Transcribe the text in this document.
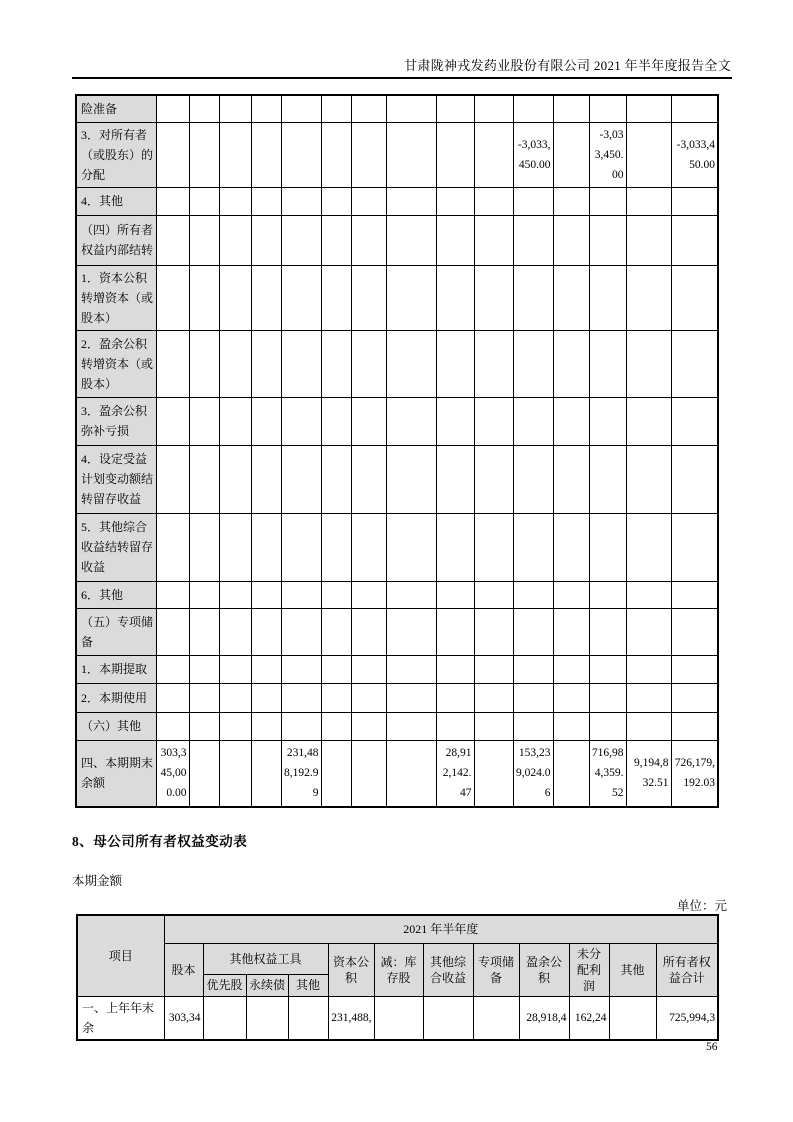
甘肃陇神戎发药业股份有限公司 2021 年半年度报告全文
险准备															
3．对所有者（或股东）的分配											-3,033,450.00		-3,033,450.00		-3,033,450.00
4．其他															
（四）所有者权益内部结转															
1．资本公积转增资本（或股本）															
2．盈余公积转增资本（或股本）															
3．盈余公积弥补亏损															
4．设定受益计划变动额结转留存收益															
5．其他综合收益结转留存收益															
6．其他															
（五）专项储备															
1．本期提取															
2．本期使用															
（六）其他															
四、本期期末余额	303,345,000.00				231,488,192.99				28,912,142.47		153,239,024.06		716,984,359.52	9,194,832.51	726,179,192.03
8、母公司所有者权益变动表
本期金额
单位：元
项目	2021 年半年度											
	股本	其他权益工具			资本公积	减：库存股	其他综合收益	专项储备	盈余公积	未分配利润	其他	所有者权益合计
		优先股	永续债	其他								
一、上年年末余	303,34				231,488,				28,918,4	162,24		725,994,3
56
